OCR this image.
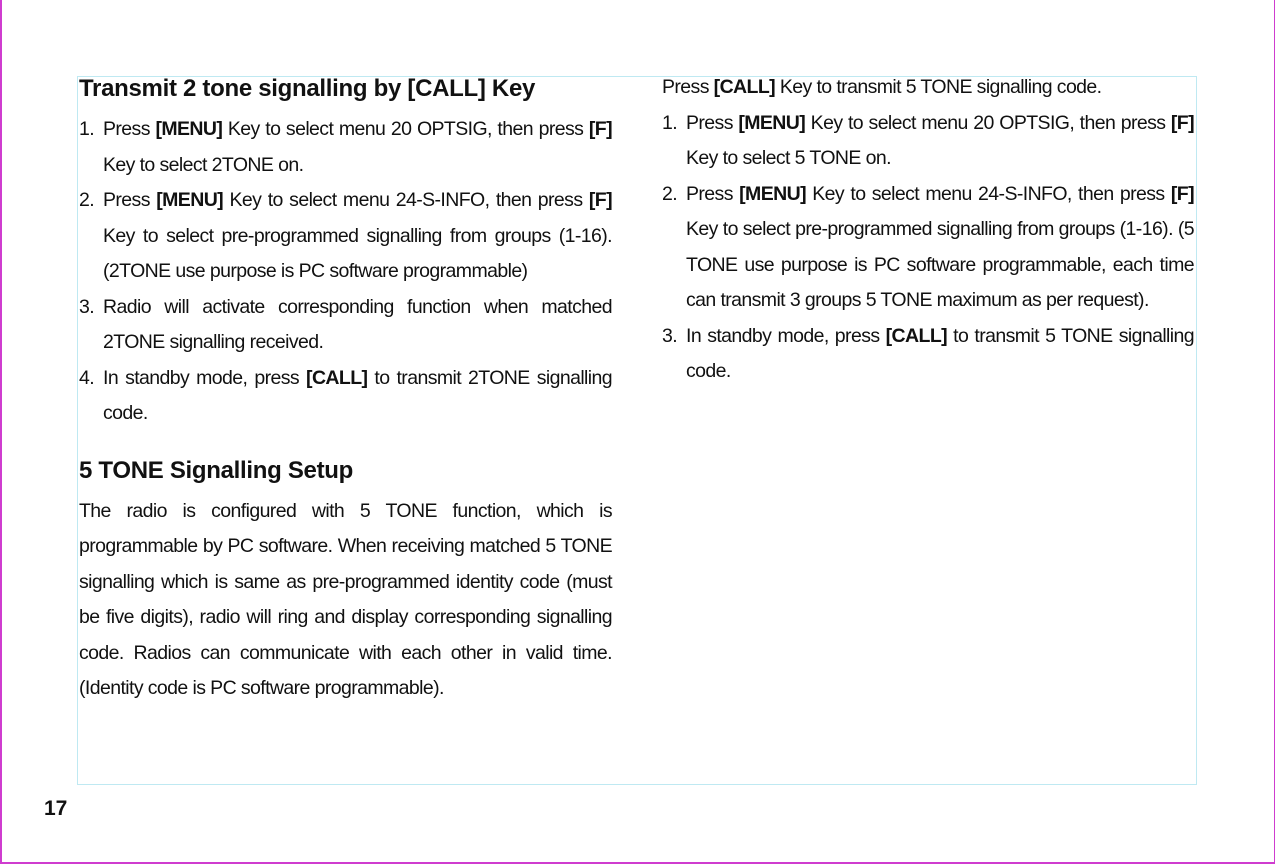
Transmit 2 tone signalling by [CALL] Key
1. Press [MENU] Key to select menu 20 OPTSIG, then press [F] Key to select 2TONE on.
2. Press [MENU] Key to select menu 24-S-INFO, then press [F] Key to select pre-programmed signalling from groups (1-16). (2TONE use purpose is PC software programmable)
3. Radio will activate corresponding function when matched 2TONE signalling received.
4. In standby mode, press [CALL] to transmit 2TONE signalling code.
5 TONE Signalling Setup

The radio is configured with 5 TONE function, which is programmable by PC software. When receiving matched 5 TONE signalling which is same as pre-programmed identity code (must be five digits), radio will ring and display corresponding signalling code. Radios can communicate with each other in valid time. (Identity code is PC software programmable).

Press [CALL] Key to transmit 5 TONE signalling code.

1. Press [MENU] Key to select menu 20 OPTSIG, then press [F] Key to select 5 TONE on.
2. Press [MENU] Key to select menu 24-S-INFO, then press [F] Key to select pre-programmed signalling from groups (1-16). (5 TONE use purpose is PC software programmable, each time can transmit 3 groups 5 TONE maximum as per request).
3. In standby mode, press [CALL] to transmit 5 TONE signalling code.
17
